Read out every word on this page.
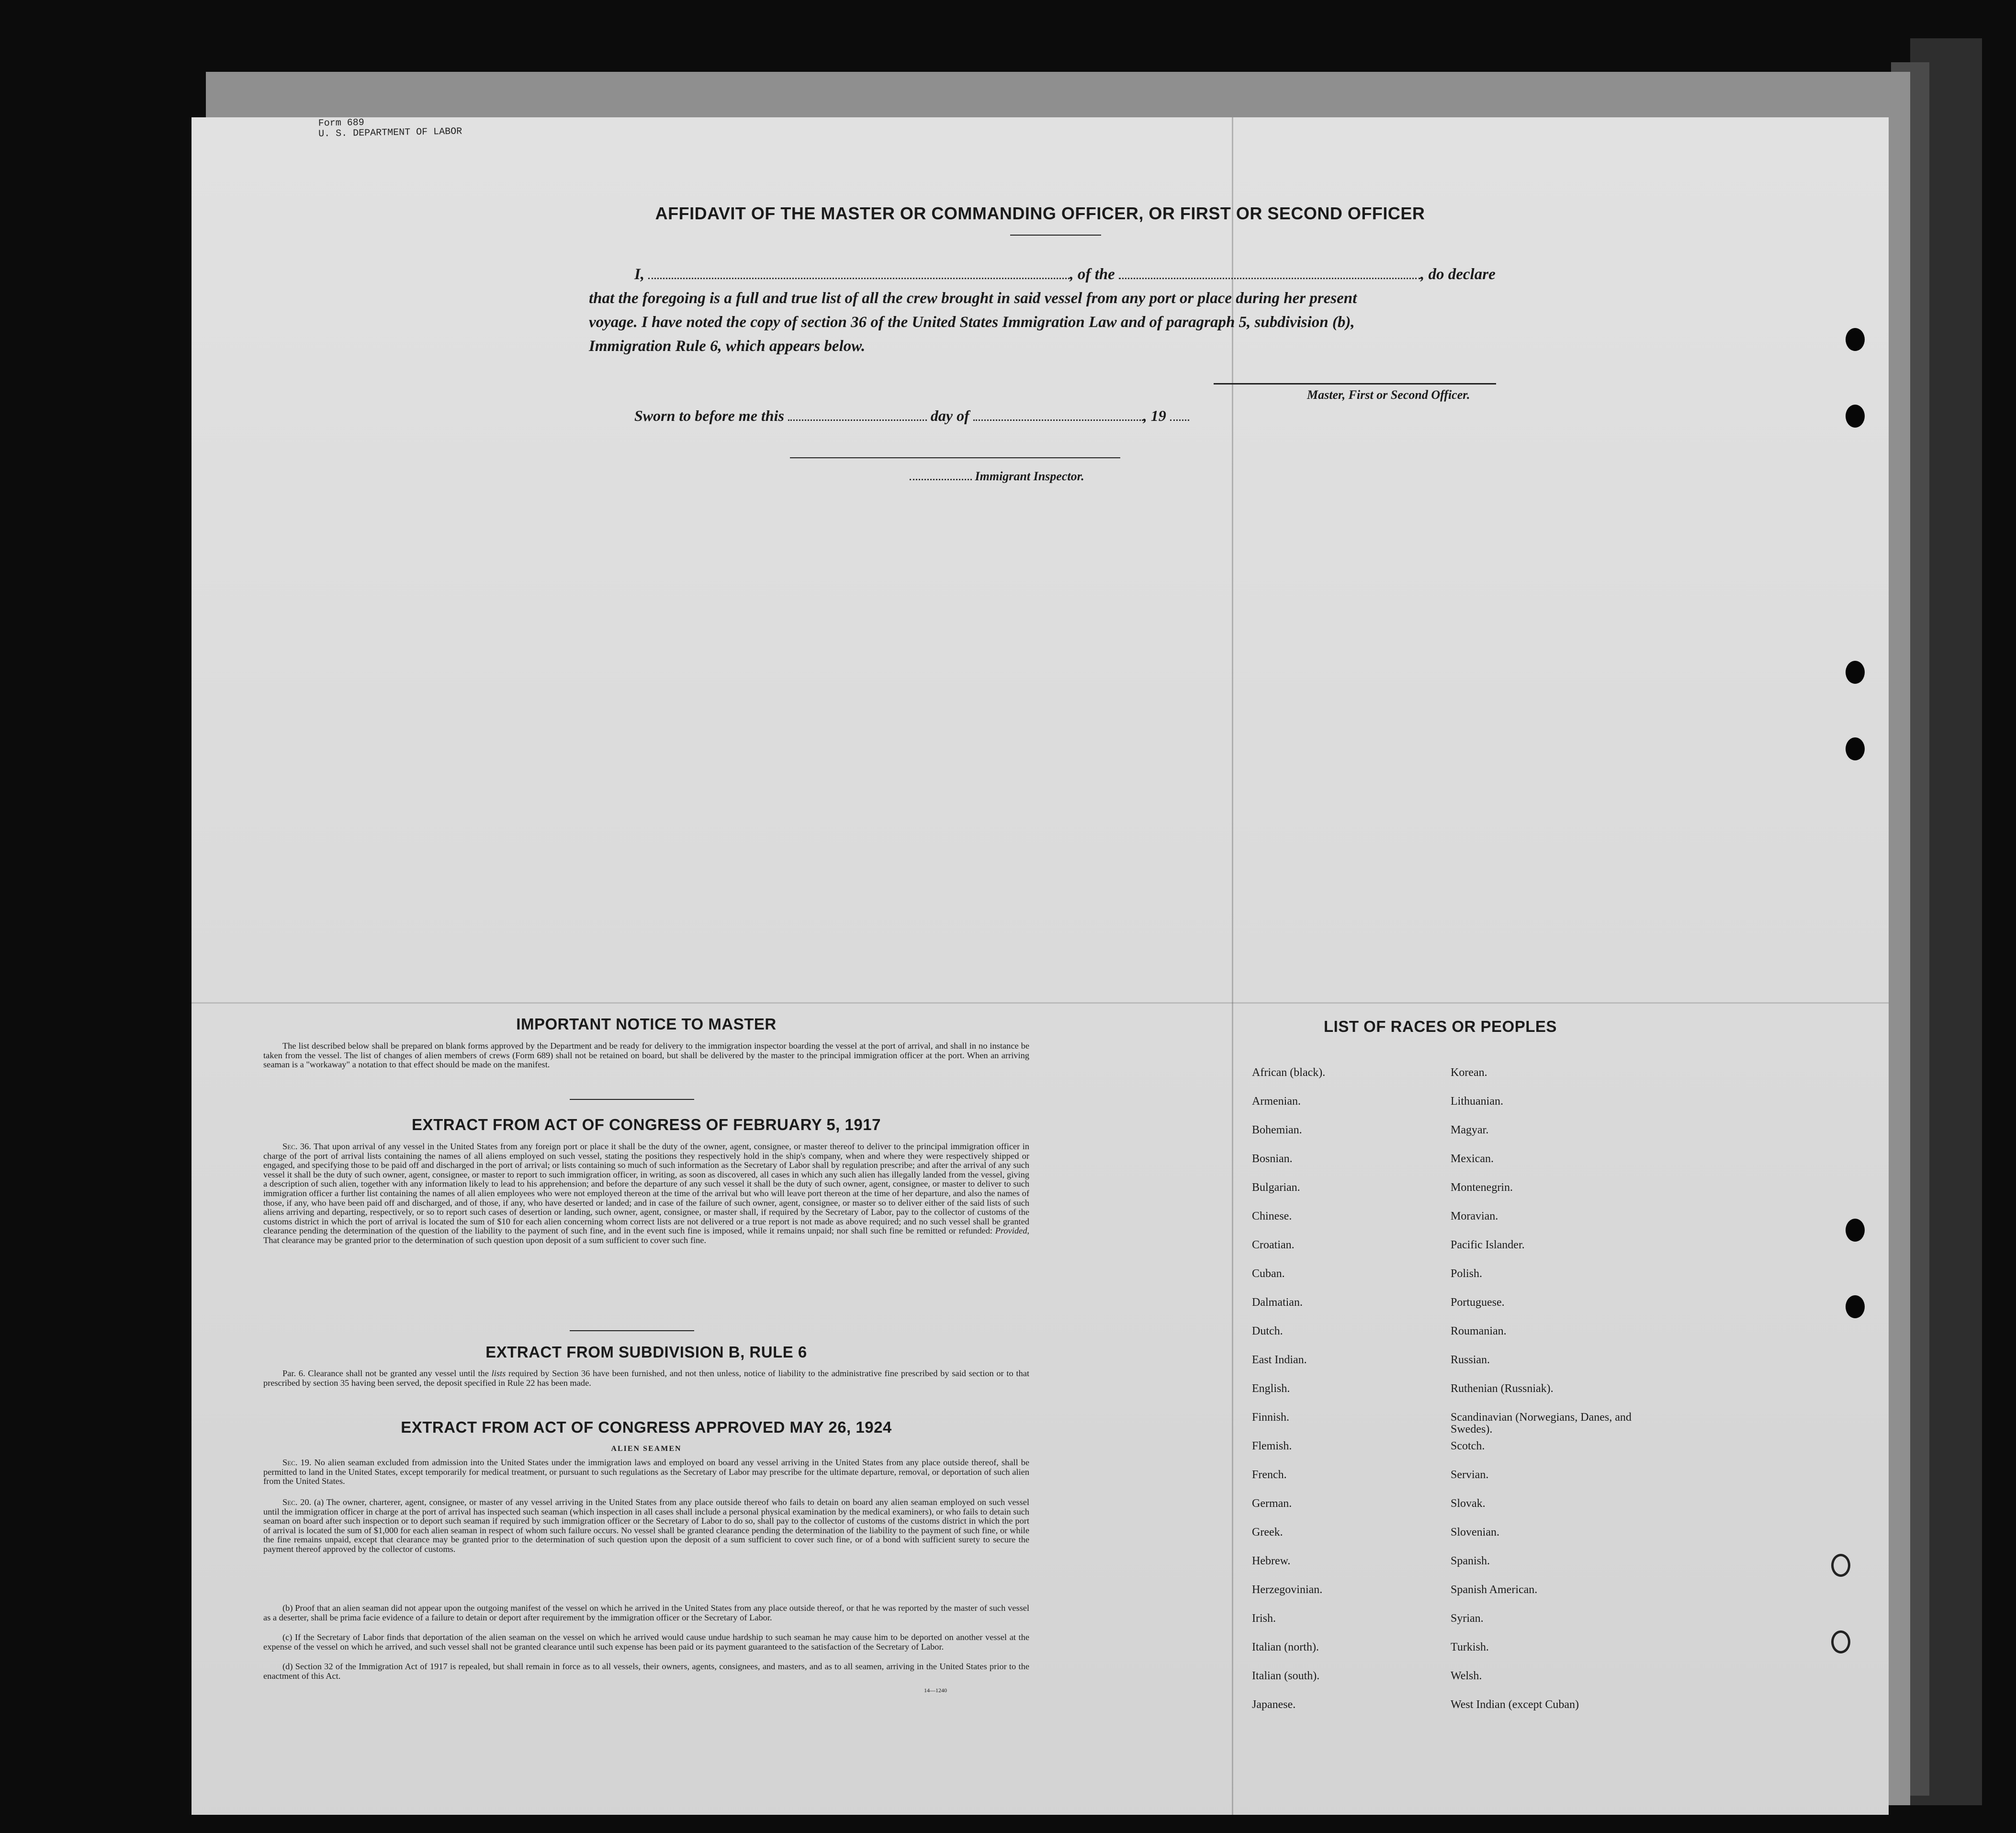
Form 689
U. S. DEPARTMENT OF LABOR
AFFIDAVIT OF THE MASTER OR COMMANDING OFFICER, OR FIRST OR SECOND OFFICER
I,	, of the	, do declare
that the foregoing is a full and true list of all the crew brought in said vessel from any port or place during her present
voyage. I have noted the copy of section 36 of the United States Immigration Law and of paragraph 5, subdivision (b),
Immigration Rule 6, which appears below.
Master, First or Second Officer.
Sworn to before me this	day of	, 19
Immigrant Inspector.
IMPORTANT NOTICE TO MASTER
The list described below shall be prepared on blank forms approved by the Department and be ready for delivery to the immigration inspector boarding the vessel at the port of arrival, and shall in no instance be taken from the vessel. The list of changes of alien members of crews (Form 689) shall not be retained on board, but shall be delivered by the master to the principal immigration officer at the port. When an arriving seaman is a "workaway" a notation to that effect should be made on the manifest.
EXTRACT FROM ACT OF CONGRESS OF FEBRUARY 5, 1917
Sec. 36. That upon arrival of any vessel in the United States from any foreign port or place it shall be the duty of the owner, agent, consignee, or master thereof to deliver to the principal immigration officer in charge of the port of arrival lists containing the names of all aliens employed on such vessel, stating the positions they respectively hold in the ship's company, when and where they were respectively shipped or engaged, and specifying those to be paid off and discharged in the port of arrival; or lists containing so much of such information as the Secretary of Labor shall by regulation prescribe; and after the arrival of any such vessel it shall be the duty of such owner, agent, consignee, or master to report to such immigration officer, in writing, as soon as discovered, all cases in which any such alien has illegally landed from the vessel, giving a description of such alien, together with any information likely to lead to his apprehension; and before the departure of any such vessel it shall be the duty of such owner, agent, consignee, or master to deliver to such immigration officer a further list containing the names of all alien employees who were not employed thereon at the time of the arrival but who will leave port thereon at the time of her departure, and also the names of those, if any, who have been paid off and discharged, and of those, if any, who have deserted or landed; and in case of the failure of such owner, agent, consignee, or master so to deliver either of the said lists of such aliens arriving and departing, respectively, or so to report such cases of desertion or landing, such owner, agent, consignee, or master shall, if required by the Secretary of Labor, pay to the collector of customs of the customs district in which the port of arrival is located the sum of $10 for each alien concerning whom correct lists are not delivered or a true report is not made as above required; and no such vessel shall be granted clearance pending the determination of the question of the liability to the payment of such fine, and in the event such fine is imposed, while it remains unpaid; nor shall such fine be remitted or refunded: Provided, That clearance may be granted prior to the determination of such question upon deposit of a sum sufficient to cover such fine.
EXTRACT FROM SUBDIVISION B, RULE 6
Par. 6. Clearance shall not be granted any vessel until the lists required by Section 36 have been furnished, and not then unless, notice of liability to the administrative fine prescribed by said section or to that prescribed by section 35 having been served, the deposit specified in Rule 22 has been made.
EXTRACT FROM ACT OF CONGRESS APPROVED MAY 26, 1924
ALIEN SEAMEN
Sec. 19. No alien seaman excluded from admission into the United States under the immigration laws and employed on board any vessel arriving in the United States from any place outside thereof, shall be permitted to land in the United States, except temporarily for medical treatment, or pursuant to such regulations as the Secretary of Labor may prescribe for the ultimate departure, removal, or deportation of such alien from the United States.
Sec. 20. (a) The owner, charterer, agent, consignee, or master of any vessel arriving in the United States from any place outside thereof who fails to detain on board any alien seaman employed on such vessel until the immigration officer in charge at the port of arrival has inspected such seaman (which inspection in all cases shall include a personal physical examination by the medical examiners), or who fails to detain such seaman on board after such inspection or to deport such seaman if required by such immigration officer or the Secretary of Labor to do so, shall pay to the collector of customs of the customs district in which the port of arrival is located the sum of $1,000 for each alien seaman in respect of whom such failure occurs. No vessel shall be granted clearance pending the determination of the liability to the payment of such fine, or while the fine remains unpaid, except that clearance may be granted prior to the determination of such question upon the deposit of a sum sufficient to cover such fine, or of a bond with sufficient surety to secure the payment thereof approved by the collector of customs.
(b) Proof that an alien seaman did not appear upon the outgoing manifest of the vessel on which he arrived in the United States from any place outside thereof, or that he was reported by the master of such vessel as a deserter, shall be prima facie evidence of a failure to detain or deport after requirement by the immigration officer or the Secretary of Labor.
(c) If the Secretary of Labor finds that deportation of the alien seaman on the vessel on which he arrived would cause undue hardship to such seaman he may cause him to be deported on another vessel at the expense of the vessel on which he arrived, and such vessel shall not be granted clearance until such expense has been paid or its payment guaranteed to the satisfaction of the Secretary of Labor.
(d) Section 32 of the Immigration Act of 1917 is repealed, but shall remain in force as to all vessels, their owners, agents, consignees, and masters, and as to all seamen, arriving in the United States prior to the enactment of this Act.
14—1240
LIST OF RACES OR PEOPLES
African (black).
Armenian.
Bohemian.
Bosnian.
Bulgarian.
Chinese.
Croatian.
Cuban.
Dalmatian.
Dutch.
East Indian.
English.
Finnish.
Flemish.
French.
German.
Greek.
Hebrew.
Herzegovinian.
Irish.
Italian (north).
Italian (south).
Japanese.
Korean.
Lithuanian.
Magyar.
Mexican.
Montenegrin.
Moravian.
Pacific Islander.
Polish.
Portuguese.
Roumanian.
Russian.
Ruthenian (Russniak).
Scandinavian (Norwegians, Danes, and Swedes).
Scotch.
Servian.
Slovak.
Slovenian.
Spanish.
Spanish American.
Syrian.
Turkish.
Welsh.
West Indian (except Cuban)
